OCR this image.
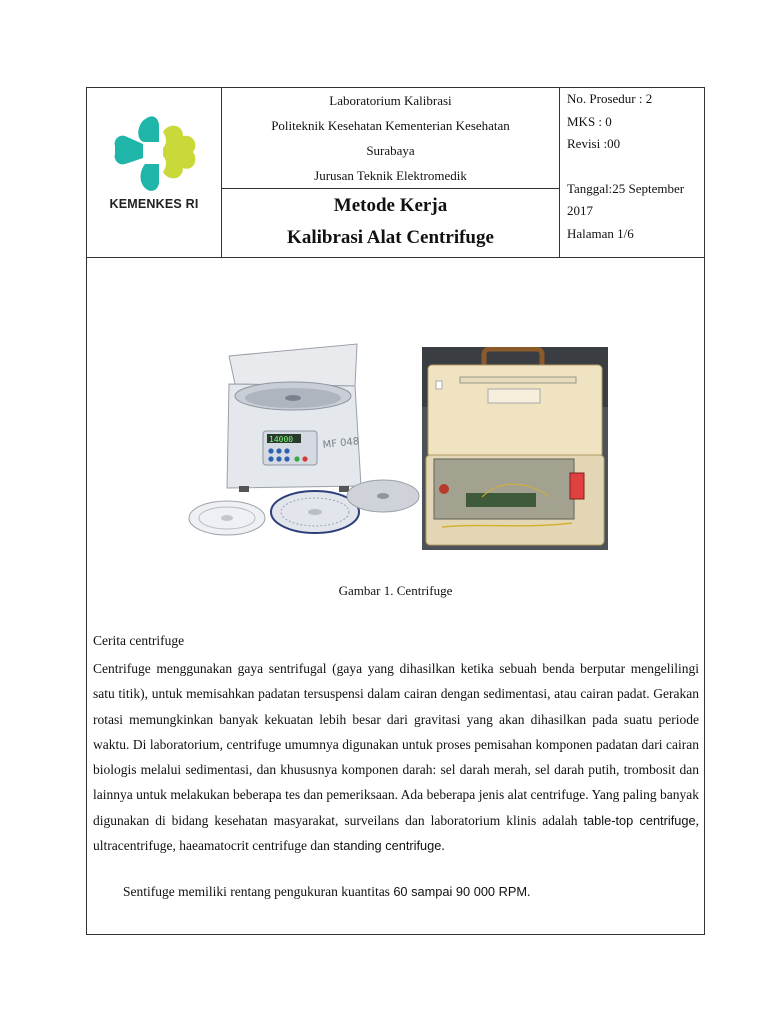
KEMENKES RI
Laboratorium Kalibrasi
Politeknik Kesehatan Kementerian Kesehatan
Surabaya
Jurusan Teknik Elektromedik
Metode Kerja
Kalibrasi Alat Centrifuge
No. Prosedur : 2
MKS : 0
Revisi :00
Tanggal:25 September
2017
Halaman 1/6
14000	MF 048
Gambar 1. Centrifuge
Cerita centrifuge
Centrifuge menggunakan gaya sentrifugal (gaya yang dihasilkan ketika sebuah benda berputar mengelilingi satu titik), untuk memisahkan padatan tersuspensi dalam cairan dengan sedimentasi, atau cairan padat. Gerakan rotasi memungkinkan banyak kekuatan lebih besar dari gravitasi yang akan dihasilkan pada suatu periode waktu. Di laboratorium, centrifuge umumnya digunakan untuk proses pemisahan komponen padatan dari cairan biologis melalui sedimentasi, dan khususnya komponen darah: sel darah merah, sel darah putih, trombosit dan lainnya untuk melakukan beberapa tes dan pemeriksaan. Ada beberapa jenis alat centrifuge. Yang paling banyak digunakan di bidang kesehatan masyarakat, surveilans dan laboratorium klinis adalah table-top centrifuge, ultracentrifuge, haeamatocrit centrifuge dan standing centrifuge.
Sentifuge memiliki rentang pengukuran kuantitas 60 sampai 90 000 RPM.
